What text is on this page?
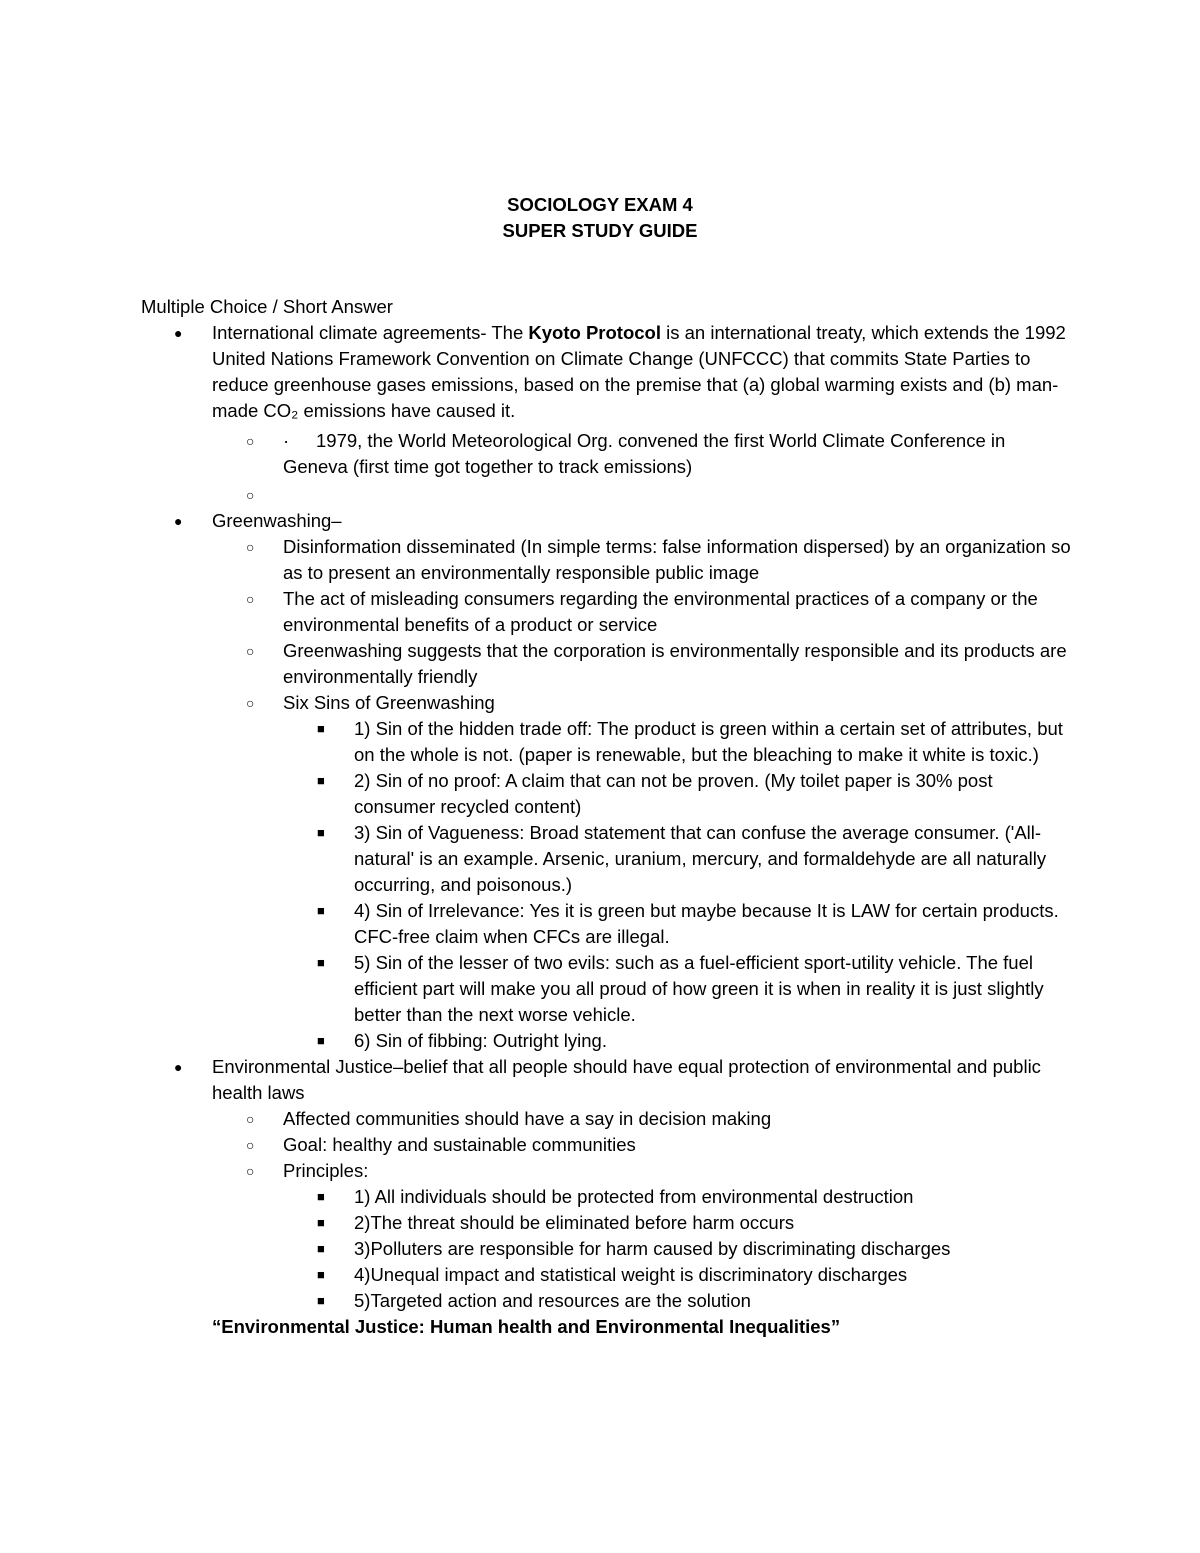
SOCIOLOGY EXAM 4
SUPER STUDY GUIDE
Multiple Choice / Short Answer
●	International climate agreements- The Kyoto Protocol is an international treaty, which extends the 1992 United Nations Framework Convention on Climate Change (UNFCCC) that commits State Parties to reduce greenhouse gases emissions, based on the premise that (a) global warming exists and (b) man-made CO₂ emissions have caused it.
○	· 1979, the World Meteorological Org. convened the first World Climate Conference in Geneva (first time got together to track emissions)
○
●	Greenwashing–
○	Disinformation disseminated (In simple terms: false information dispersed) by an organization so as to present an environmentally responsible public image
○	The act of misleading consumers regarding the environmental practices of a company or the environmental benefits of a product or service
○	Greenwashing suggests that the corporation is environmentally responsible and its products are environmentally friendly
○	Six Sins of Greenwashing
■	1) Sin of the hidden trade off: The product is green within a certain set of attributes, but on the whole is not. (paper is renewable, but the bleaching to make it white is toxic.)
■	2) Sin of no proof: A claim that can not be proven. (My toilet paper is 30% post consumer recycled content)
■	3) Sin of Vagueness: Broad statement that can confuse the average consumer. ('All-natural' is an example. Arsenic, uranium, mercury, and formaldehyde are all naturally occurring, and poisonous.)
■	4) Sin of Irrelevance: Yes it is green but maybe because It is LAW for certain products. CFC-free claim when CFCs are illegal.
■	5) Sin of the lesser of two evils: such as a fuel-efficient sport-utility vehicle. The fuel efficient part will make you all proud of how green it is when in reality it is just slightly better than the next worse vehicle.
■	6) Sin of fibbing: Outright lying.
●	Environmental Justice–belief that all people should have equal protection of environmental and public health laws
○	Affected communities should have a say in decision making
○	Goal: healthy and sustainable communities
○	Principles:
■	1) All individuals should be protected from environmental destruction
■	2)The threat should be eliminated before harm occurs
■	3)Polluters are responsible for harm caused by discriminating discharges
■	4)Unequal impact and statistical weight is discriminatory discharges
■	5)Targeted action and resources are the solution
“Environmental Justice: Human health and Environmental Inequalities”
